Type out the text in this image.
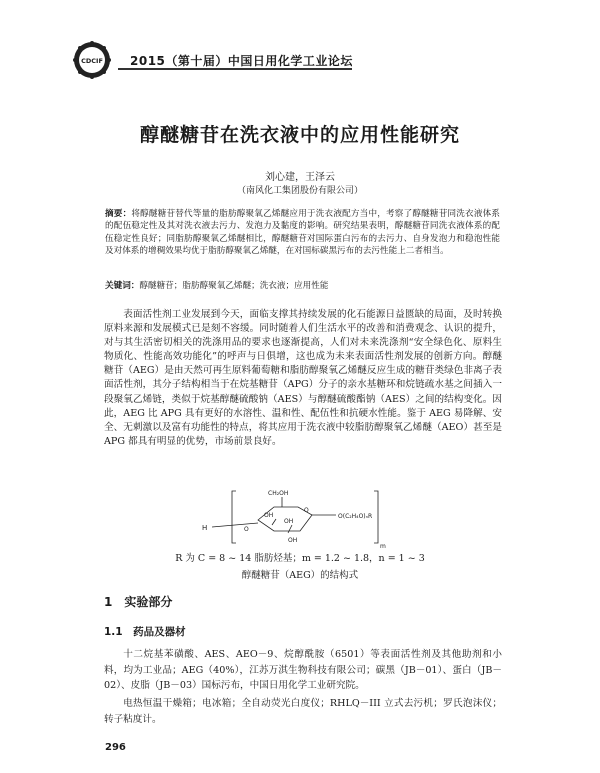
CDCIF 2015（第十届）中国日用化学工业论坛
醇醚糖苷在洗衣液中的应用性能研究
刘心建，王泽云
（南风化工集团股份有限公司）
摘要：将醇醚糖苷替代等量的脂肪醇聚氧乙烯醚应用于洗衣液配方当中，考察了醇醚糖苷同洗衣液体系的配伍稳定性及其对洗衣液去污力、发泡力及黏度的影响。研究结果表明，醇醚糖苷同洗衣液体系的配伍稳定性良好；同脂肪醇聚氧乙烯醚相比，醇醚糖苷对国际蛋白污布的去污力、自身发泡力和稳泡性能及对体系的增稠效果均优于脂肪醇聚氧乙烯醚，在对国标碳黑污布的去污性能上二者相当。
关键词：醇醚糖苷；脂肪醇聚氧乙烯醚；洗衣液；应用性能
表面活性剂工业发展到今天，面临支撑其持续发展的化石能源日益匮缺的局面，及时转换原料来源和发展模式已是刻不容缓。同时随着人们生活水平的改善和消费观念、认识的提升，对与其生活密切相关的洗涤用品的要求也逐渐提高，人们对未来洗涤剂“安全绿色化、原料生物质化、性能高效功能化”的呼声与日俱增，这也成为未来表面活性剂发展的创新方向。醇醚糖苷（AEG）是由天然可再生原料葡萄糖和脂肪醇聚氧乙烯醚反应生成的糖苷类绿色非离子表面活性剂，其分子结构相当于在烷基糖苷（APG）分子的亲水基糖环和烷链疏水基之间插入一段聚氧乙烯链，类似于烷基醇醚硫酸钠（AES）与醇醚硫酸酯钠（AES）之间的结构变化。因此，AEG 比 APG 具有更好的水溶性、温和性、配伍性和抗硬水性能。鉴于 AEG 易降解、安全、无刺激以及富有功能性的特点，将其应用于洗衣液中较脂肪醇聚氧乙烯醚（AEO）甚至是 APG 都具有明显的优势，市场前景良好。
CH₂OH
O
OH
OH
OH
H	O
O(C₂H₄O)ₙR
m
R 为 C = 8 ~ 14 脂肪烃基；m = 1.2 ~ 1.8，n = 1 ~ 3
醇醚糖苷（AEG）的结构式
1　实验部分
1.1　药品及器材
十二烷基苯磺酸、AES、AEO－9、烷醇酰胺（6501）等表面活性剂及其他助剂和小料，均为工业品；AEG（40%），江苏万淇生物科技有限公司；碳黑（JB－01）、蛋白（JB－02）、皮脂（JB－03）国标污布，中国日用化学工业研究院。
电热恒温干燥箱；电冰箱；全自动荧光白度仪；RHLQ－III 立式去污机；罗氏泡沫仪；转子粘度计。
296
